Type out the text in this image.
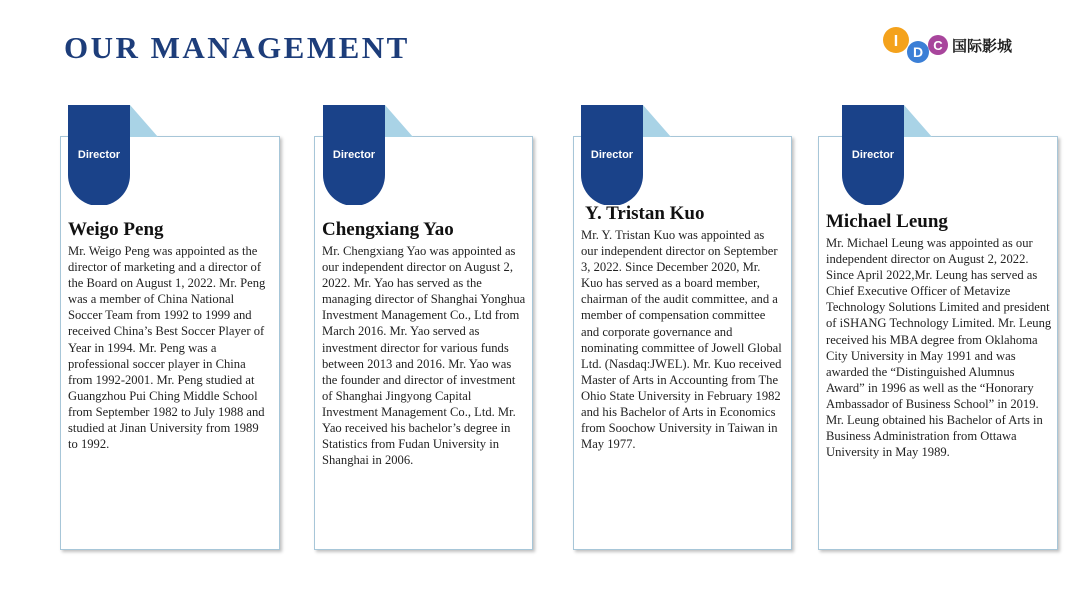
OUR MANAGEMENT	I
D C 国际影城
Director
Weigo Peng

Mr. Weigo Peng was appointed as the director of marketing and a director of the Board on August 1, 2022. Mr. Peng was a member of China National Soccer Team from 1992 to 1999 and received China’s Best Soccer Player of Year in 1994. Mr. Peng was a professional soccer player in China from 1992-2001. Mr. Peng studied at Guangzhou Pui Ching Middle School from September 1982 to July 1988 and studied at Jinan University from 1989 to 1992.

Director
Chengxiang Yao

Mr. Chengxiang Yao was appointed as our independent director on August 2, 2022. Mr. Yao has served as the managing director of Shanghai Yonghua Investment Management Co., Ltd from March 2016. Mr. Yao served as investment director for various funds between 2013 and 2016. Mr. Yao was the founder and director of investment of Shanghai Jingyong Capital Investment Management Co., Ltd. Mr. Yao received his bachelor’s degree in Statistics from Fudan University in Shanghai in 2006.

Director
Y. Tristan Kuo

Mr. Y. Tristan Kuo was appointed as our independent director on September 3, 2022. Since December 2020, Mr. Kuo has served as a board member, chairman of the audit committee, and a member of compensation committee and corporate governance and nominating committee of Jowell Global Ltd. (Nasdaq:JWEL). Mr. Kuo received Master of Arts in Accounting from The Ohio State University in February 1982 and his Bachelor of Arts in Economics from Soochow University in Taiwan in May 1977.

Director
Michael Leung

Mr. Michael Leung was appointed as our independent director on August 2, 2022. Since April 2022,Mr. Leung has served as Chief Executive Officer of Metavize Technology Solutions Limited and president of iSHANG Technology Limited. Mr. Leung received his MBA degree from Oklahoma City University in May 1991 and was awarded the “Distinguished Alumnus Award” in 1996 as well as the “Honorary Ambassador of Business School” in 2019. Mr. Leung obtained his Bachelor of Arts in Business Administration from Ottawa University in May 1989.
